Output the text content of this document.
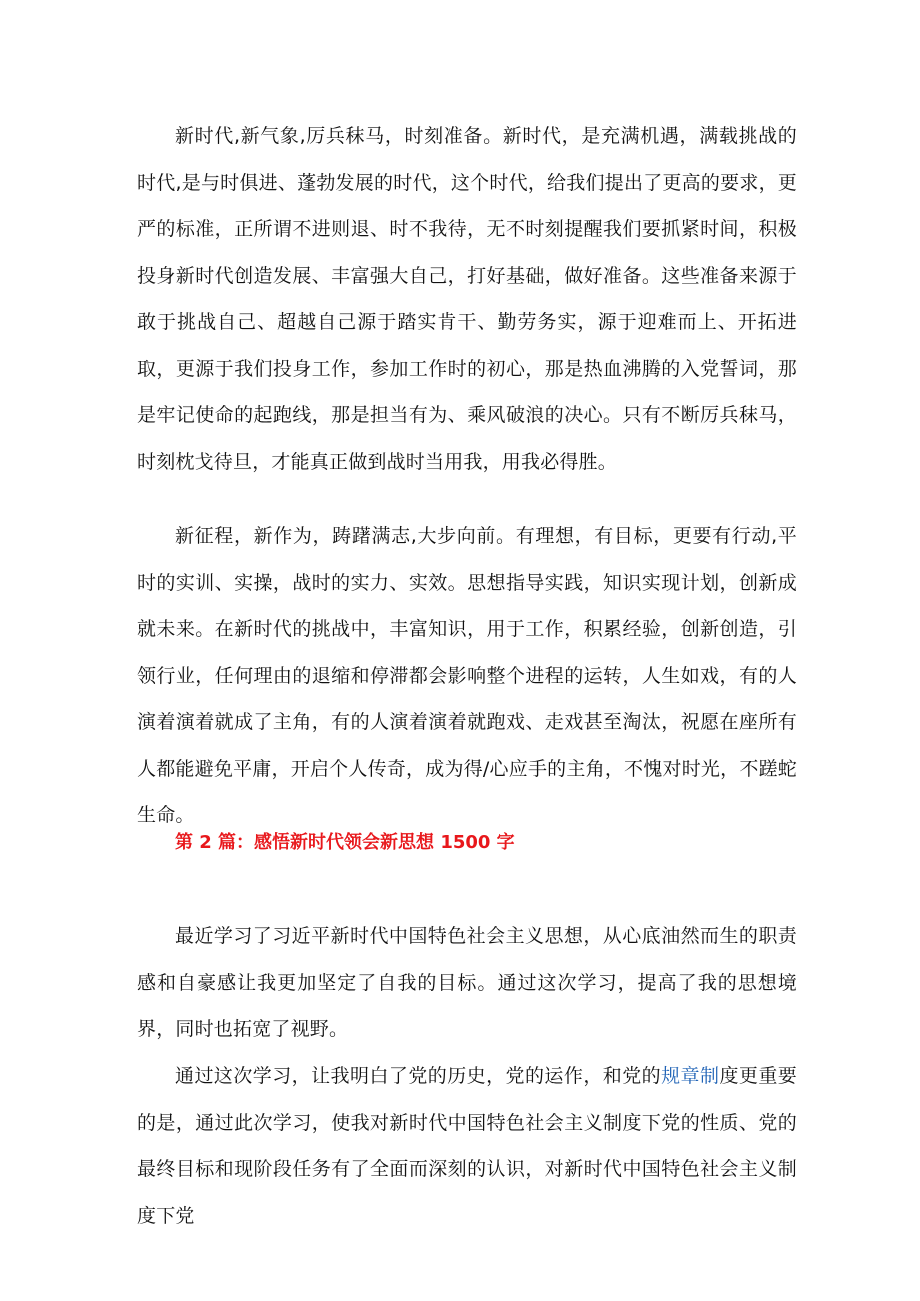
新时代,新气象,厉兵秣马，时刻准备。新时代，是充满机遇，满载挑战的时代,是与时俱进、蓬勃发展的时代，这个时代，给我们提出了更高的要求，更严的标准，正所谓不进则退、时不我待，无不时刻提醒我们要抓紧时间，积极投身新时代创造发展、丰富强大自己，打好基础，做好准备。这些准备来源于敢于挑战自己、超越自己源于踏实肯干、勤劳务实，源于迎难而上、开拓进取，更源于我们投身工作，参加工作时的初心，那是热血沸腾的入党誓词，那是牢记使命的起跑线，那是担当有为、乘风破浪的决心。只有不断厉兵秣马，时刻枕戈待旦，才能真正做到战时当用我，用我必得胜。

新征程，新作为，踌躇满志,大步向前。有理想，有目标，更要有行动,平时的实训、实操，战时的实力、实效。思想指导实践，知识实现计划，创新成就未来。在新时代的挑战中，丰富知识，用于工作，积累经验，创新创造，引领行业，任何理由的退缩和停滞都会影响整个进程的运转，人生如戏，有的人演着演着就成了主角，有的人演着演着就跑戏、走戏甚至淘汰，祝愿在座所有人都能避免平庸，开启个人传奇，成为得/心应手的主角，不愧对时光，不蹉蛇生命。

第 2 篇：感悟新时代领会新思想 1500 字

最近学习了习近平新时代中国特色社会主义思想，从心底油然而生的职责感和自豪感让我更加坚定了自我的目标。通过这次学习，提高了我的思想境界，同时也拓宽了视野。

通过这次学习，让我明白了党的历史，党的运作，和党的规章制度更重要的是，通过此次学习，使我对新时代中国特色社会主义制度下党的性质、党的最终目标和现阶段任务有了全面而深刻的认识，对新时代中国特色社会主义制度下党
